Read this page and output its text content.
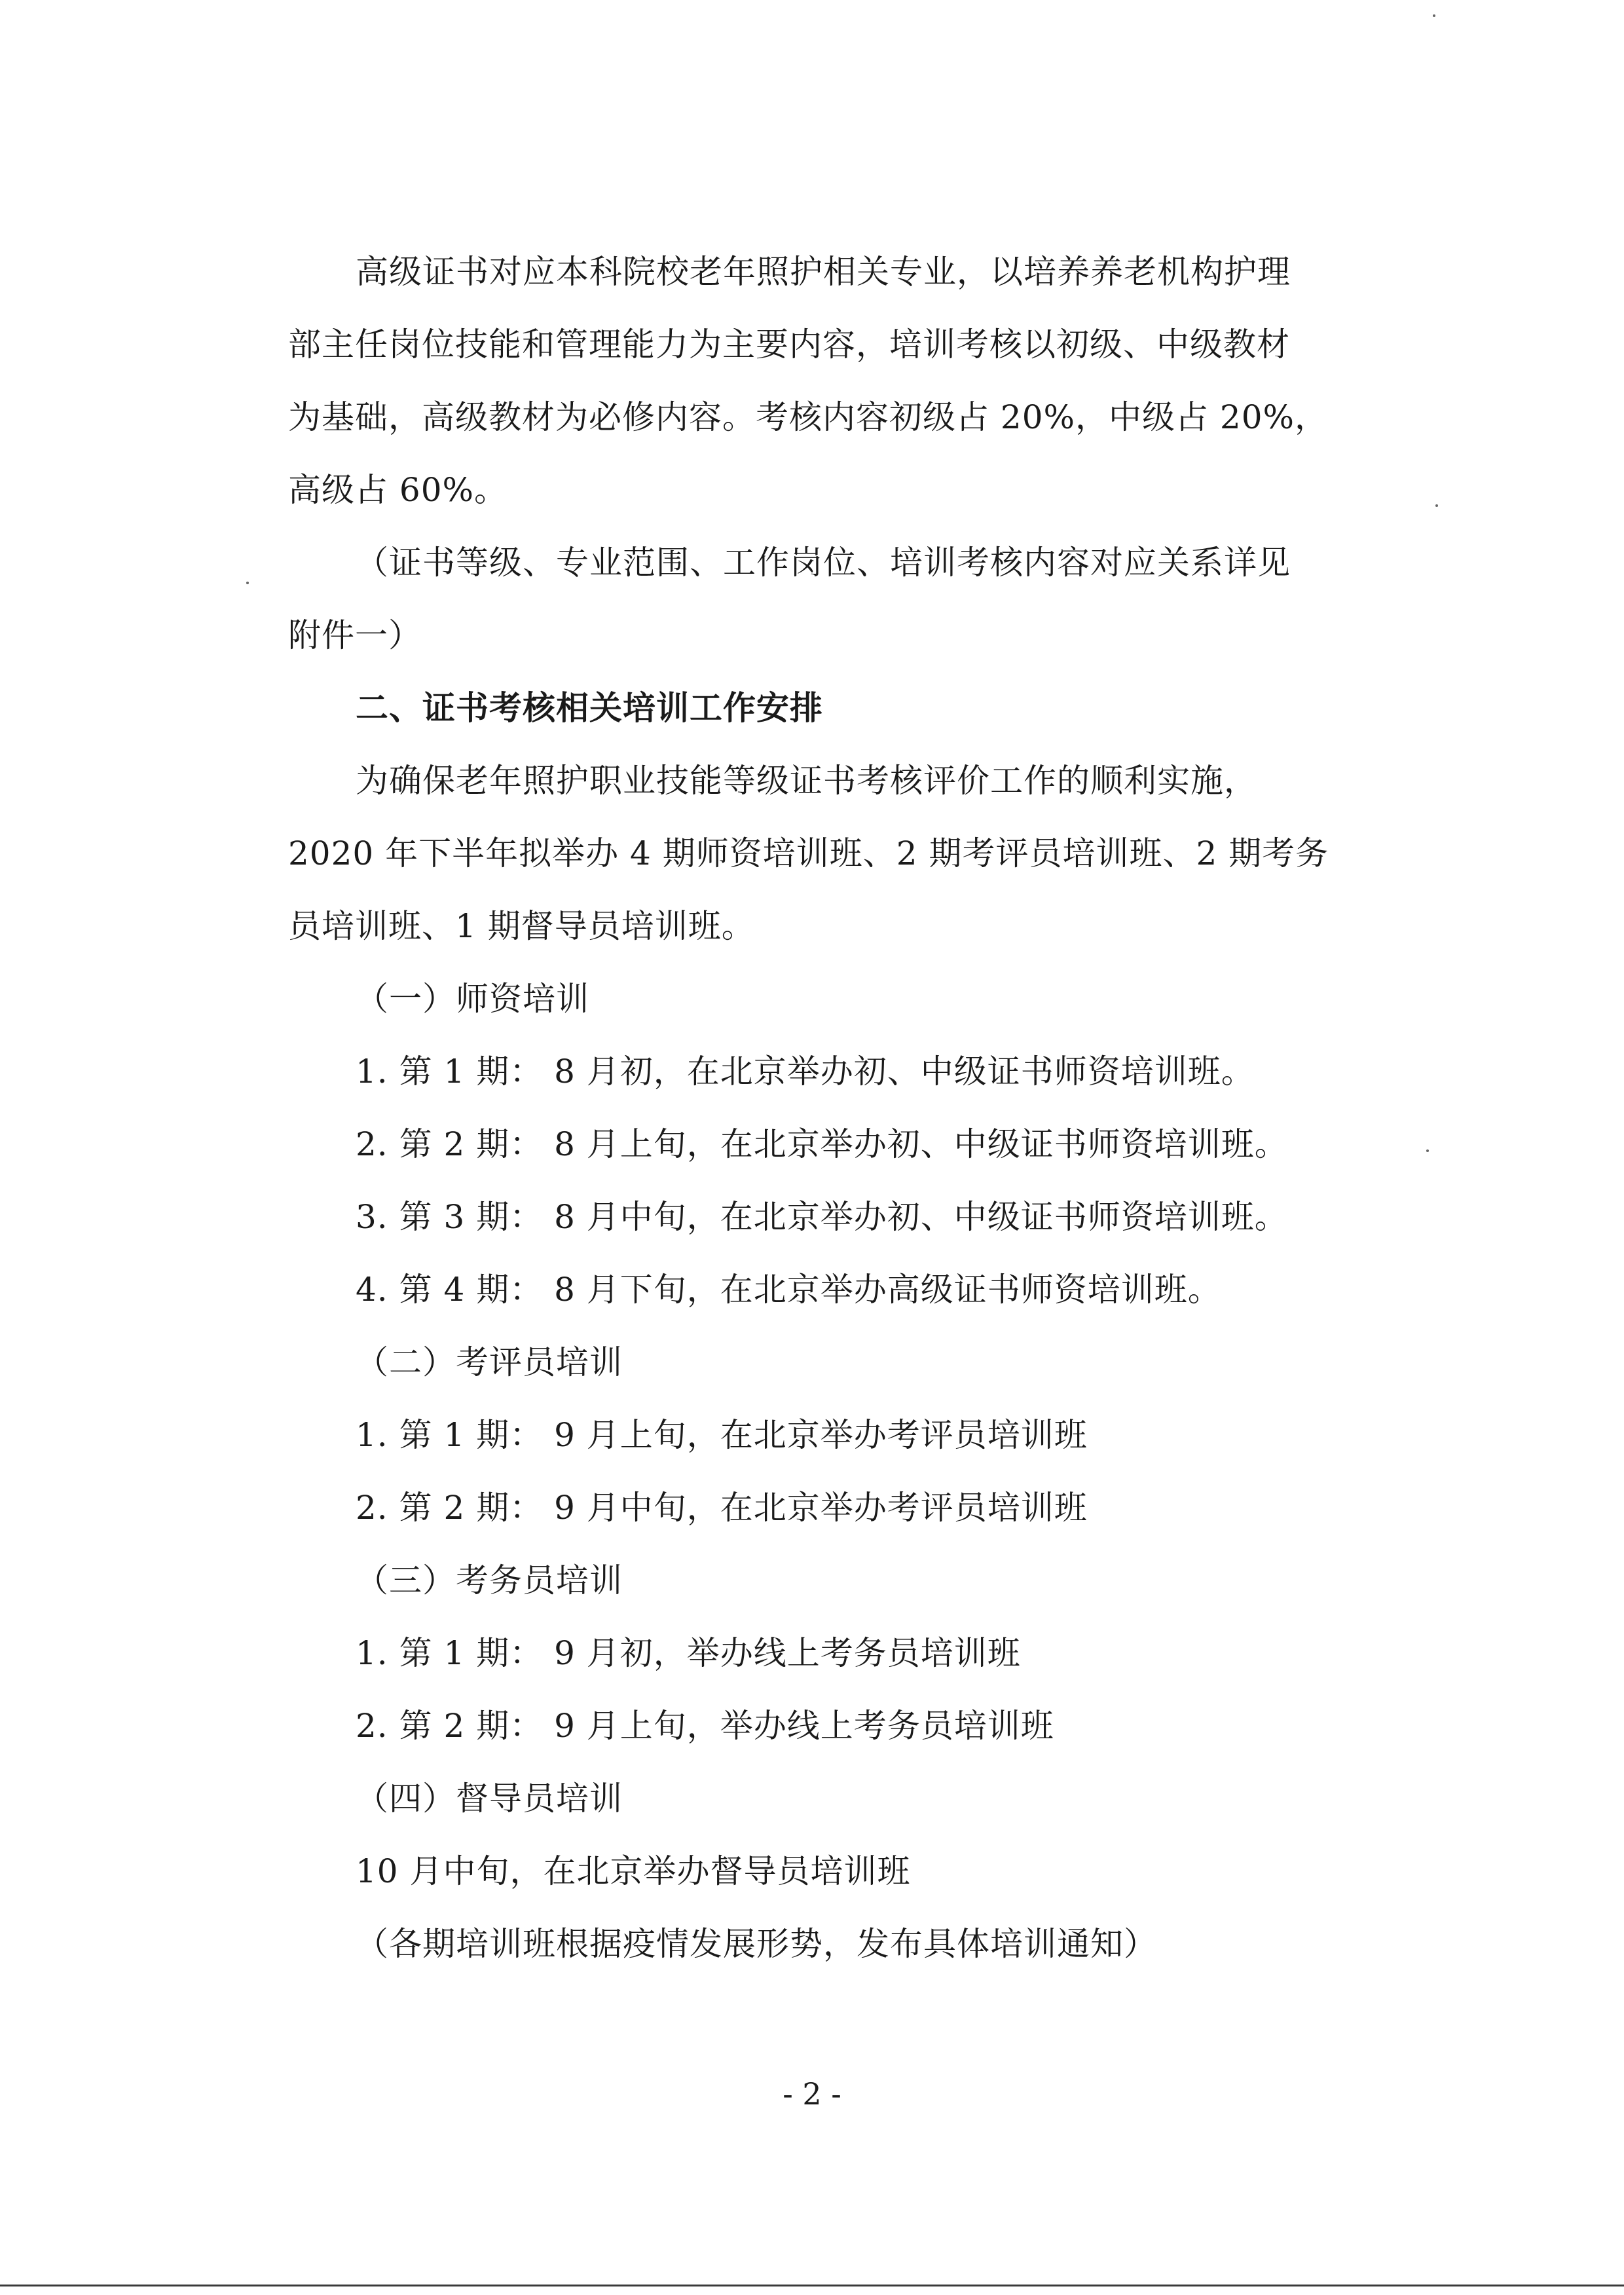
高级证书对应本科院校老年照护相关专业，以培养养老机构护理
部主任岗位技能和管理能力为主要内容，培训考核以初级、中级教材
为基础，高级教材为必修内容。考核内容初级占 20%，中级占 20%，
高级占 60%。
（证书等级、专业范围、工作岗位、培训考核内容对应关系详见
附件一）
二、证书考核相关培训工作安排
为确保老年照护职业技能等级证书考核评价工作的顺利实施，
2020 年下半年拟举办 4 期师资培训班、2 期考评员培训班、2 期考务
员培训班、1 期督导员培训班。
（一）师资培训
1. 第 1 期： 8 月初，在北京举办初、中级证书师资培训班。
2. 第 2 期： 8 月上旬，在北京举办初、中级证书师资培训班。
3. 第 3 期： 8 月中旬，在北京举办初、中级证书师资培训班。
4. 第 4 期： 8 月下旬，在北京举办高级证书师资培训班。
（二）考评员培训
1. 第 1 期： 9 月上旬，在北京举办考评员培训班
2. 第 2 期： 9 月中旬，在北京举办考评员培训班
（三）考务员培训
1. 第 1 期： 9 月初，举办线上考务员培训班
2. 第 2 期： 9 月上旬，举办线上考务员培训班
（四）督导员培训
10 月中旬，在北京举办督导员培训班
（各期培训班根据疫情发展形势，发布具体培训通知）
- 2 -
